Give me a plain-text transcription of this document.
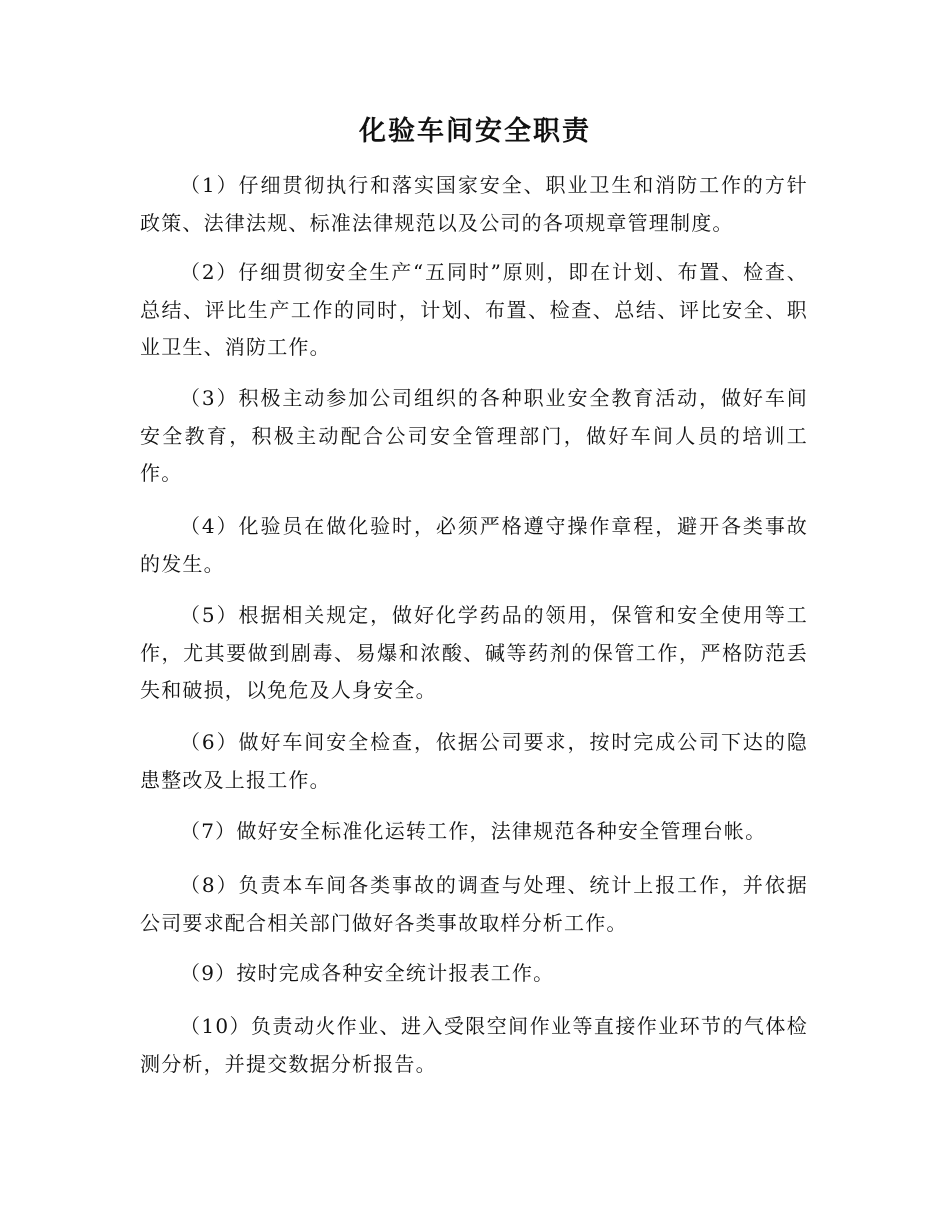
化验车间安全职责

（1）仔细贯彻执行和落实国家安全、职业卫生和消防工作的方针政策、法律法规、标准法律规范以及公司的各项规章管理制度。

（2）仔细贯彻安全生产“五同时”原则，即在计划、布置、检查、总结、评比生产工作的同时，计划、布置、检查、总结、评比安全、职业卫生、消防工作。

（3）积极主动参加公司组织的各种职业安全教育活动，做好车间安全教育，积极主动配合公司安全管理部门，做好车间人员的培训工作。

（4）化验员在做化验时，必须严格遵守操作章程，避开各类事故的发生。

（5）根据相关规定，做好化学药品的领用，保管和安全使用等工作，尤其要做到剧毒、易爆和浓酸、碱等药剂的保管工作，严格防范丢失和破损，以免危及人身安全。

（6）做好车间安全检查，依据公司要求，按时完成公司下达的隐患整改及上报工作。

（7）做好安全标准化运转工作，法律规范各种安全管理台帐。

（8）负责本车间各类事故的调查与处理、统计上报工作，并依据公司要求配合相关部门做好各类事故取样分析工作。

（9）按时完成各种安全统计报表工作。

（10）负责动火作业、进入受限空间作业等直接作业环节的气体检测分析，并提交数据分析报告。
